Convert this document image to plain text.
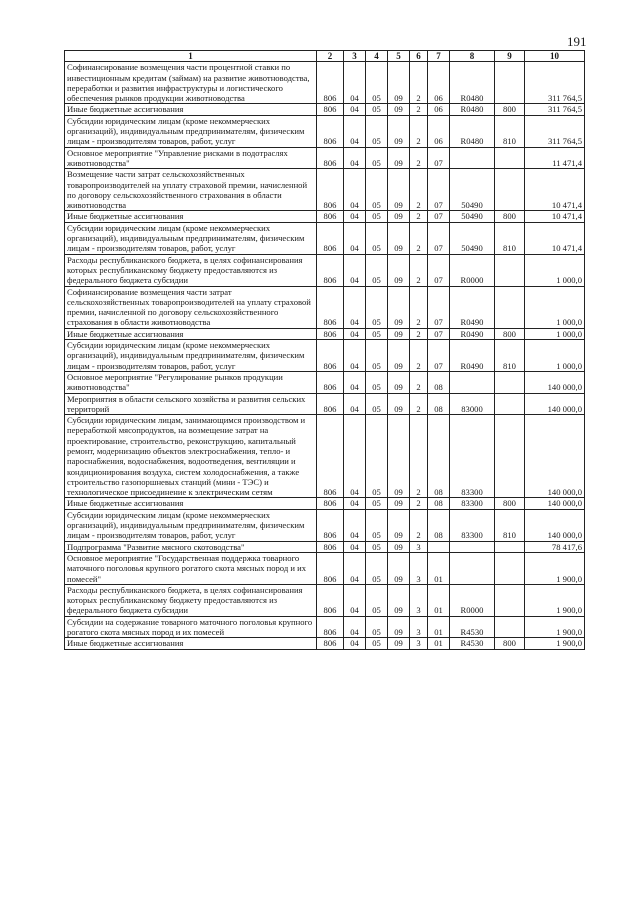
191
1	2	3	4	5	6	7	8	9	10
Софинансирование возмещения части процентной ставки по инвестиционным кредитам (займам) на развитие животноводства, переработки и развития инфраструктуры и логистического обеспечения рынков продукции животноводства	806	04	05	09	2	06	R0480		311 764,5
Иные бюджетные ассигнования	806	04	05	09	2	06	R0480	800	311 764,5
Субсидии юридическим лицам (кроме некоммерческих организаций), индивидуальным предпринимателям, физическим лицам - производителям товаров, работ, услуг	806	04	05	09	2	06	R0480	810	311 764,5
Основное мероприятие "Управление рисками в подотраслях животноводства"	806	04	05	09	2	07			11 471,4
Возмещение части затрат сельскохозяйственных товаропроизводителей на уплату страховой премии, начисленной по договору сельскохозяйственного страхования в области животноводства	806	04	05	09	2	07	50490		10 471,4
Иные бюджетные ассигнования	806	04	05	09	2	07	50490	800	10 471,4
Субсидии юридическим лицам (кроме некоммерческих организаций), индивидуальным предпринимателям, физическим лицам - производителям товаров, работ, услуг	806	04	05	09	2	07	50490	810	10 471,4
Расходы республиканского бюджета, в целях софинансирования которых республиканскому бюджету предоставляются из федерального бюджета субсидии	806	04	05	09	2	07	R0000		1 000,0
Софинансирование возмещения части затрат сельскохозяйственных товаропроизводителей на уплату страховой премии, начисленной по договору сельскохозяйственного страхования в области животноводства	806	04	05	09	2	07	R0490		1 000,0
Иные бюджетные ассигнования	806	04	05	09	2	07	R0490	800	1 000,0
Субсидии юридическим лицам (кроме некоммерческих организаций), индивидуальным предпринимателям, физическим лицам - производителям товаров, работ, услуг	806	04	05	09	2	07	R0490	810	1 000,0
Основное мероприятие "Регулирование рынков продукции животноводства"	806	04	05	09	2	08			140 000,0
Мероприятия в области сельского хозяйства и развития сельских территорий	806	04	05	09	2	08	83000		140 000,0
Субсидии юридическим лицам, занимающимся производством и переработкой мясопродуктов, на возмещение затрат на проектирование, строительство, реконструкцию, капитальный ремонт, модернизацию объектов электроснабжения, тепло- и пароснабжения, водоснабжения, водоотведения, вентиляции и кондиционирования воздуха, систем холодоснабжения, а также строительство газопоршневых станций (мини - ТЭС) и технологическое присоединение к электрическим сетям	806	04	05	09	2	08	83300		140 000,0
Иные бюджетные ассигнования	806	04	05	09	2	08	83300	800	140 000,0
Субсидии юридическим лицам (кроме некоммерческих организаций), индивидуальным предпринимателям, физическим лицам - производителям товаров, работ, услуг	806	04	05	09	2	08	83300	810	140 000,0
Подпрограмма "Развитие мясного скотоводства"	806	04	05	09	3				78 417,6
Основное мероприятие "Государственная поддержка товарного маточного поголовья крупного рогатого скота мясных пород и их помесей"	806	04	05	09	3	01			1 900,0
Расходы республиканского бюджета, в целях софинансирования которых республиканскому бюджету предоставляются из федерального бюджета субсидии	806	04	05	09	3	01	R0000		1 900,0
Субсидии на содержание товарного маточного поголовья крупного рогатого скота мясных пород и их помесей	806	04	05	09	3	01	R4530		1 900,0
Иные бюджетные ассигнования	806	04	05	09	3	01	R4530	800	1 900,0
